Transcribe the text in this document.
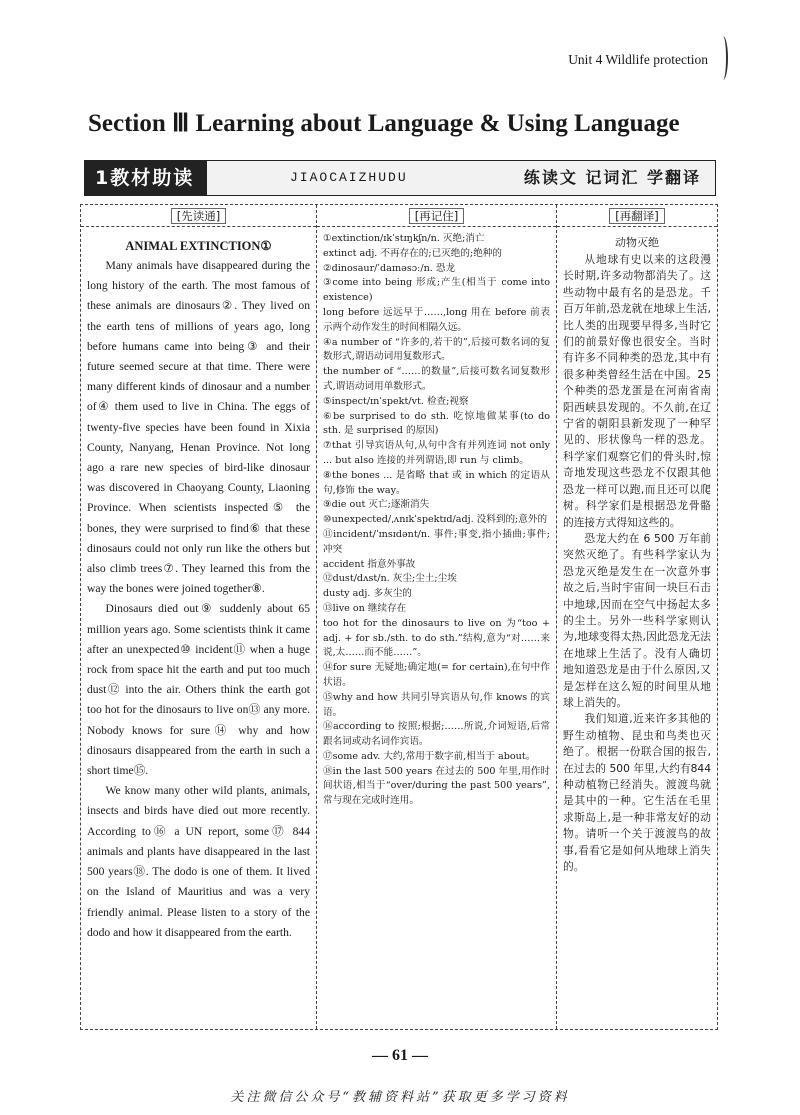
Unit 4 Wildlife protection
Section Ⅲ Learning about Language & Using Language
1教材助读	JIAOCAIZHUDU	练读文 记词汇 学翻译
[先读通]
ANIMAL EXTINCTION①

Many animals have disappeared during the long history of the earth. The most famous of these animals are dinosaurs②. They lived on the earth tens of millions of years ago, long before humans came into being③ and their future seemed secure at that time. There were many different kinds of dinosaur and a number of④ them used to live in China. The eggs of twenty-five species have been found in Xixia County, Nanyang, Henan Province. Not long ago a rare new species of bird-like dinosaur was discovered in Chaoyang County, Liaoning Province. When scientists inspected⑤ the bones, they were surprised to find⑥ that these dinosaurs could not only run like the others but also climb trees⑦. They learned this from the way the bones were joined together⑧.

Dinosaurs died out⑨ suddenly about 65 million years ago. Some scientists think it came after an unexpected⑩ incident⑪ when a huge rock from space hit the earth and put too much dust⑫ into the air. Others think the earth got too hot for the dinosaurs to live on⑬ any more. Nobody knows for sure⑭ why and how dinosaurs disappeared from the earth in such a short time⑮.

We know many other wild plants, animals, insects and birds have died out more recently. According to⑯ a UN report, some⑰ 844 animals and plants have disappeared in the last 500 years⑱. The dodo is one of them. It lived on the Island of Mauritius and was a very friendly animal. Please listen to a story of the dodo and how it disappeared from the earth.

[再记住]

①extinction/ɪkˈstɪŋkʃn/n. 灭绝;消亡

extinct adj. 不再存在的;已灭绝的;绝种的

②dinosaur/ˈdaɪnəsɔː/n. 恐龙

③come into being 形成;产生(相当于 come into existence)

long before 远远早于……,long 用在 before 前表示两个动作发生的时间相隔久远。

④a number of “许多的,若干的”,后接可数名词的复数形式,谓语动词用复数形式。

the number of “……的数量”,后接可数名词复数形式,谓语动词用单数形式。

⑤inspect/ɪnˈspekt/vt. 检查;视察

⑥be surprised to do sth. 吃惊地做某事(to do sth. 是 surprised 的原因)

⑦that 引导宾语从句,从句中含有并列连词 not only ... but also 连接的并列谓语,即 run 与 climb。

⑧the bones ... 是省略 that 或 in which 的定语从句,修饰 the way。

⑨die out 灭亡;逐渐消失

⑩unexpected/ˌʌnɪkˈspektɪd/adj. 没料到的;意外的

⑪incident/ˈɪnsɪdənt/n. 事件;事变,指小插曲;事件;冲突

accident 指意外事故

⑫dust/dʌst/n. 灰尘;尘土;尘埃

dusty adj. 多灰尘的

⑬live on 继续存在

too hot for the dinosaurs to live on 为“too + adj. + for sb./sth. to do sth.”结构,意为“对……来说,太……而不能……”。

⑭for sure 无疑地;确定地(= for certain),在句中作状语。

⑮why and how 共同引导宾语从句,作 knows 的宾语。

⑯according to 按照;根据;……所说,介词短语,后常跟名词或动名词作宾语。

⑰some adv. 大约,常用于数字前,相当于 about。

⑱in the last 500 years 在过去的 500 年里,用作时间状语,相当于“over/during the past 500 years”,常与现在完成时连用。

[再翻译]
动物灭绝

从地球有史以来的这段漫长时期,许多动物都消失了。这些动物中最有名的是恐龙。千百万年前,恐龙就在地球上生活,比人类的出现要早得多,当时它们的前景好像也很安全。当时有许多不同种类的恐龙,其中有很多种类曾经生活在中国。25个种类的恐龙蛋是在河南省南阳西峡县发现的。不久前,在辽宁省的朝阳县新发现了一种罕见的、形状像鸟一样的恐龙。科学家们观察它们的骨头时,惊奇地发现这些恐龙不仅跟其他恐龙一样可以跑,而且还可以爬树。科学家们是根据恐龙骨骼的连接方式得知这些的。

恐龙大约在 6 500 万年前突然灭绝了。有些科学家认为恐龙灭绝是发生在一次意外事故之后,当时宇宙间一块巨石击中地球,因而在空气中扬起太多的尘土。另外一些科学家则认为,地球变得太热,因此恐龙无法在地球上生活了。没有人确切地知道恐龙是由于什么原因,又是怎样在这么短的时间里从地球上消失的。

我们知道,近来许多其他的野生动植物、昆虫和鸟类也灭绝了。根据一份联合国的报告,在过去的 500 年里,大约有844 种动植物已经消失。渡渡鸟就是其中的一种。它生活在毛里求斯岛上,是一种非常友好的动物。请听一个关于渡渡鸟的故事,看看它是如何从地球上消失的。

— 61 —
关注微信公众号“教辅资料站”获取更多学习资料
